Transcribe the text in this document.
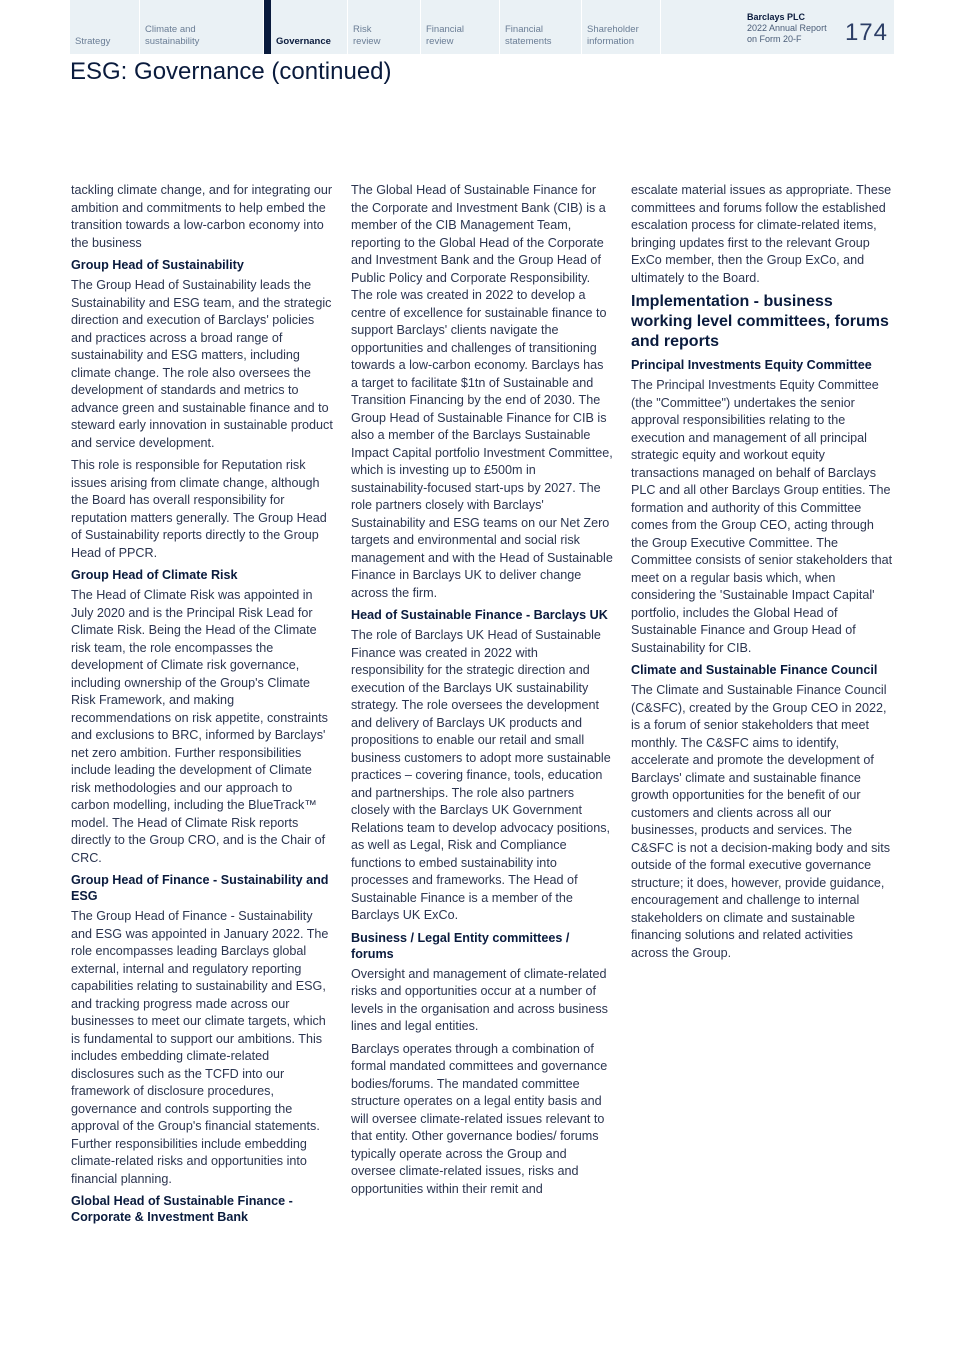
Strategy
Climate and sustainability	Governance
Risk review
Financial review
Financial statements
Shareholder information
Barclays PLC
2022 Annual Report
on Form 20-F	174
ESG: Governance (continued)

tackling climate change, and for integrating our ambition and commitments to help embed the transition towards a low-carbon economy into the business

Group Head of Sustainability

The Group Head of Sustainability leads the Sustainability and ESG team, and the strategic direction and execution of Barclays' policies and practices across a broad range of sustainability and ESG matters, including climate change. The role also oversees the development of standards and metrics to advance green and sustainable finance and to steward early innovation in sustainable product and service development.

This role is responsible for Reputation risk issues arising from climate change, although the Board has overall responsibility for reputation matters generally. The Group Head of Sustainability reports directly to the Group Head of PPCR.

Group Head of Climate Risk

The Head of Climate Risk was appointed in July 2020 and is the Principal Risk Lead for Climate Risk. Being the Head of the Climate risk team, the role encompasses the development of Climate risk governance, including ownership of the Group's Climate Risk Framework, and making recommendations on risk appetite, constraints and exclusions to BRC, informed by Barclays' net zero ambition. Further responsibilities include leading the development of Climate risk methodologies and our approach to carbon modelling, including the BlueTrack™ model. The Head of Climate Risk reports directly to the Group CRO, and is the Chair of CRC.

Group Head of Finance - Sustainability and ESG

The Group Head of Finance - Sustainability and ESG was appointed in January 2022. The role encompasses leading Barclays global external, internal and regulatory reporting capabilities relating to sustainability and ESG, and tracking progress made across our businesses to meet our climate targets, which is fundamental to support our ambitions. This includes embedding climate-related disclosures such as the TCFD into our framework of disclosure procedures, governance and controls supporting the approval of the Group's financial statements. Further responsibilities include embedding climate-related risks and opportunities into financial planning.

Global Head of Sustainable Finance - Corporate & Investment Bank

The Global Head of Sustainable Finance for the Corporate and Investment Bank (CIB) is a member of the CIB Management Team, reporting to the Global Head of the Corporate and Investment Bank and the Group Head of Public Policy and Corporate Responsibility. The role was created in 2022 to develop a centre of excellence for sustainable finance to support Barclays' clients navigate the opportunities and challenges of transitioning towards a low-carbon economy. Barclays has a target to facilitate $1tn of Sustainable and Transition Financing by the end of 2030. The Group Head of Sustainable Finance for CIB is also a member of the Barclays Sustainable Impact Capital portfolio Investment Committee, which is investing up to £500m in sustainability-focused start-ups by 2027. The role partners closely with Barclays' Sustainability and ESG teams on our Net Zero targets and environmental and social risk management and with the Head of Sustainable Finance in Barclays UK to deliver change across the firm.

Head of Sustainable Finance - Barclays UK

The role of Barclays UK Head of Sustainable Finance was created in 2022 with responsibility for the strategic direction and execution of the Barclays UK sustainability strategy. The role oversees the development and delivery of Barclays UK products and propositions to enable our retail and small business customers to adopt more sustainable practices – covering finance, tools, education and partnerships. The role also partners closely with the Barclays UK Government Relations team to develop advocacy positions, as well as Legal, Risk and Compliance functions to embed sustainability into processes and frameworks. The Head of Sustainable Finance is a member of the Barclays UK ExCo.

Business / Legal Entity committees / forums

Oversight and management of climate-related risks and opportunities occur at a number of levels in the organisation and across business lines and legal entities.

Barclays operates through a combination of formal mandated committees and governance bodies/forums. The mandated committee structure operates on a legal entity basis and will oversee climate-related issues relevant to that entity. Other governance bodies/ forums typically operate across the Group and oversee climate-related issues, risks and opportunities within their remit and

escalate material issues as appropriate. These committees and forums follow the established escalation process for climate-related items, bringing updates first to the relevant Group ExCo member, then the Group ExCo, and ultimately to the Board.

Implementation - business working level committees, forums and reports
Principal Investments Equity Committee

The Principal Investments Equity Committee (the "Committee") undertakes the senior approval responsibilities relating to the execution and management of all principal strategic equity and workout equity transactions managed on behalf of Barclays PLC and all other Barclays Group entities. The formation and authority of this Committee comes from the Group CEO, acting through the Group Executive Committee. The Committee consists of senior stakeholders that meet on a regular basis which, when considering the 'Sustainable Impact Capital' portfolio, includes the Global Head of Sustainable Finance and Group Head of Sustainability for CIB.

Climate and Sustainable Finance Council

The Climate and Sustainable Finance Council (C&SFC), created by the Group CEO in 2022, is a forum of senior stakeholders that meet monthly. The C&SFC aims to identify, accelerate and promote the development of Barclays' climate and sustainable finance growth opportunities for the benefit of our customers and clients across all our businesses, products and services. The C&SFC is not a decision-making body and sits outside of the formal executive governance structure; it does, however, provide guidance, encouragement and challenge to internal stakeholders on climate and sustainable financing solutions and related activities across the Group.
